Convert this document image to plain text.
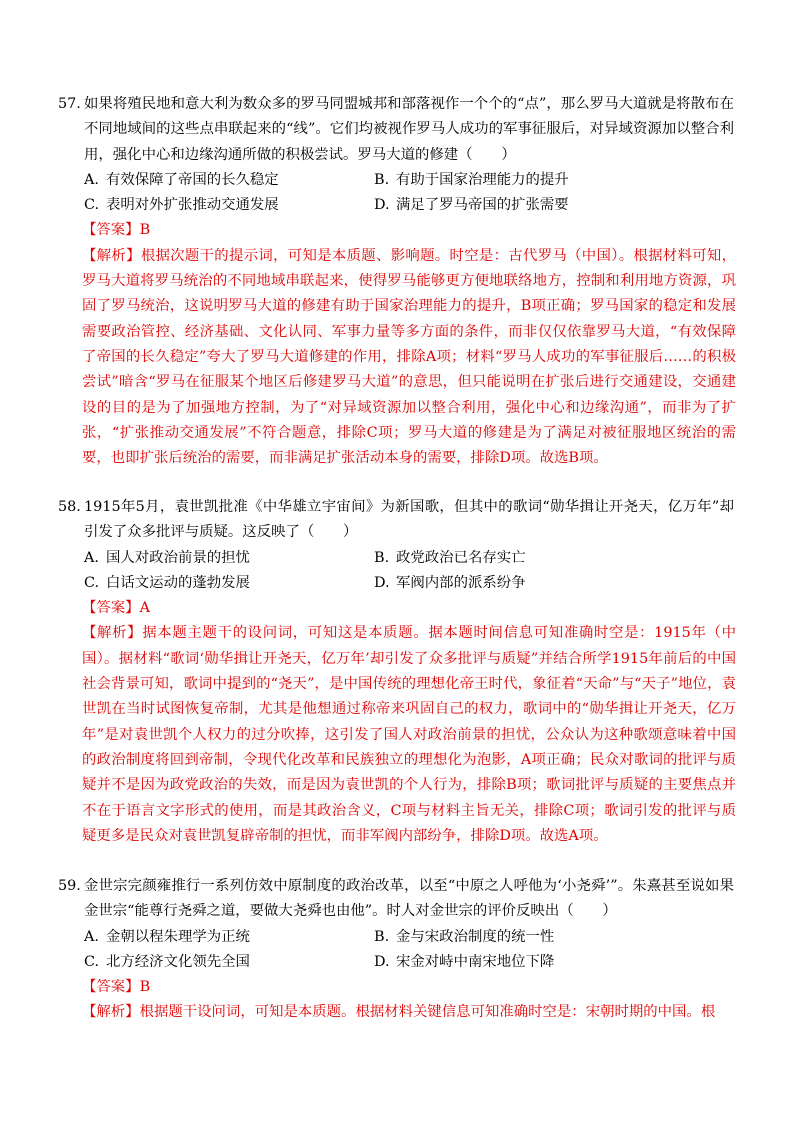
57. 如果将殖民地和意大利为数众多的罗马同盟城邦和部落视作一个个的“点”，那么罗马大道就是将散布在不同地域间的这些点串联起来的“线”。它们均被视作罗马人成功的军事征服后，对异域资源加以整合利用，强化中心和边缘沟通所做的积极尝试。罗马大道的修建（　　）
A. 有效保障了帝国的长久稳定	B. 有助于国家治理能力的提升
C. 表明对外扩张推动交通发展	D. 满足了罗马帝国的扩张需要
【答案】B
【解析】根据次题干的提示词，可知是本质题、影响题。时空是：古代罗马（中国）。根据材料可知，罗马大道将罗马统治的不同地域串联起来，使得罗马能够更方便地联络地方，控制和利用地方资源，巩固了罗马统治，这说明罗马大道的修建有助于国家治理能力的提升，B项正确；罗马国家的稳定和发展需要政治管控、经济基础、文化认同、军事力量等多方面的条件，而非仅仅依靠罗马大道，“有效保障了帝国的长久稳定”夸大了罗马大道修建的作用，排除A项；材料“罗马人成功的军事征服后……的积极尝试”暗含“罗马在征服某个地区后修建罗马大道”的意思，但只能说明在扩张后进行交通建设，交通建设的目的是为了加强地方控制，为了“对异域资源加以整合利用，强化中心和边缘沟通”，而非为了扩张，“扩张推动交通发展”不符合题意，排除C项；罗马大道的修建是为了满足对被征服地区统治的需要，也即扩张后统治的需要，而非满足扩张活动本身的需要，排除D项。故选B项。
58. 1915年5月，袁世凯批准《中华雄立宇宙间》为新国歌，但其中的歌词“勋华揖让开尧天，亿万年”却引发了众多批评与质疑。这反映了（　　）
A. 国人对政治前景的担忧	B. 政党政治已名存实亡
C. 白话文运动的蓬勃发展	D. 军阀内部的派系纷争
【答案】A
【解析】据本题主题干的设问词，可知这是本质题。据本题时间信息可知准确时空是：1915年（中国）。据材料“歌词‘勋华揖让开尧天，亿万年’却引发了众多批评与质疑”并结合所学1915年前后的中国社会背景可知，歌词中提到的“尧天”，是中国传统的理想化帝王时代，象征着“天命”与“天子”地位，袁世凯在当时试图恢复帝制，尤其是他想通过称帝来巩固自己的权力，歌词中的“勋华揖让开尧天，亿万年”是对袁世凯个人权力的过分吹捧，这引发了国人对政治前景的担忧，公众认为这种歌颂意味着中国的政治制度将回到帝制，令现代化改革和民族独立的理想化为泡影，A项正确；民众对歌词的批评与质疑并不是因为政党政治的失效，而是因为袁世凯的个人行为，排除B项；歌词批评与质疑的主要焦点并不在于语言文字形式的使用，而是其政治含义，C项与材料主旨无关，排除C项；歌词引发的批评与质疑更多是民众对袁世凯复辟帝制的担忧，而非军阀内部纷争，排除D项。故选A项。
59. 金世宗完颜雍推行一系列仿效中原制度的政治改革，以至“中原之人呼他为‘小尧舜’”。朱熹甚至说如果金世宗“能尊行尧舜之道，要做大尧舜也由他”。时人对金世宗的评价反映出（　　）
A. 金朝以程朱理学为正统	B. 金与宋政治制度的统一性
C. 北方经济文化领先全国	D. 宋金对峙中南宋地位下降
【答案】B
【解析】根据题干设问词，可知是本质题。根据材料关键信息可知准确时空是：宋朝时期的中国。根
